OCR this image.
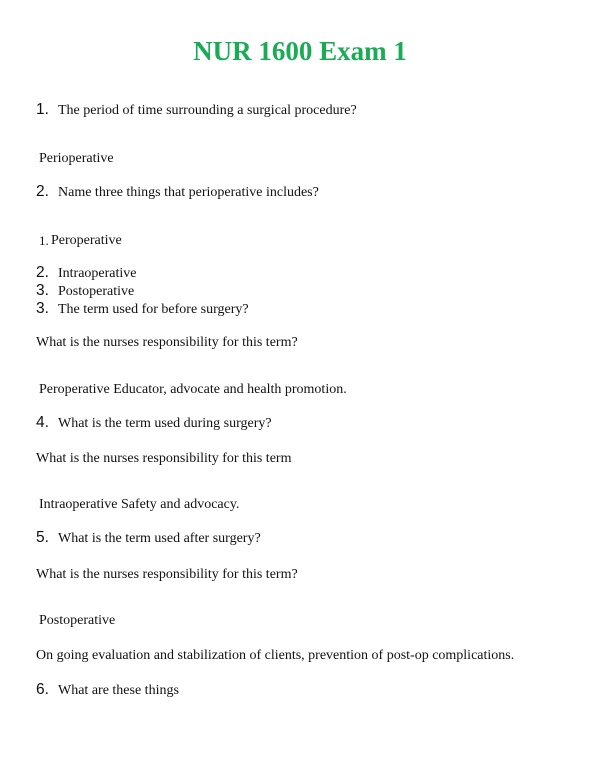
NUR 1600 Exam 1
1. The period of time surrounding a surgical procedure?
Perioperative
2. Name three things that perioperative includes?
1. Peroperative
2. Intraoperative
3. Postoperative
3. The term used for before surgery?
What is the nurses responsibility for this term?
Peroperative Educator, advocate and health promotion.
4. What is the term used during surgery?
What is the nurses responsibility for this term
Intraoperative Safety and advocacy.
5. What is the term used after surgery?
What is the nurses responsibility for this term?
Postoperative
On going evaluation and stabilization of clients, prevention of post-op complications.
6. What are these things
